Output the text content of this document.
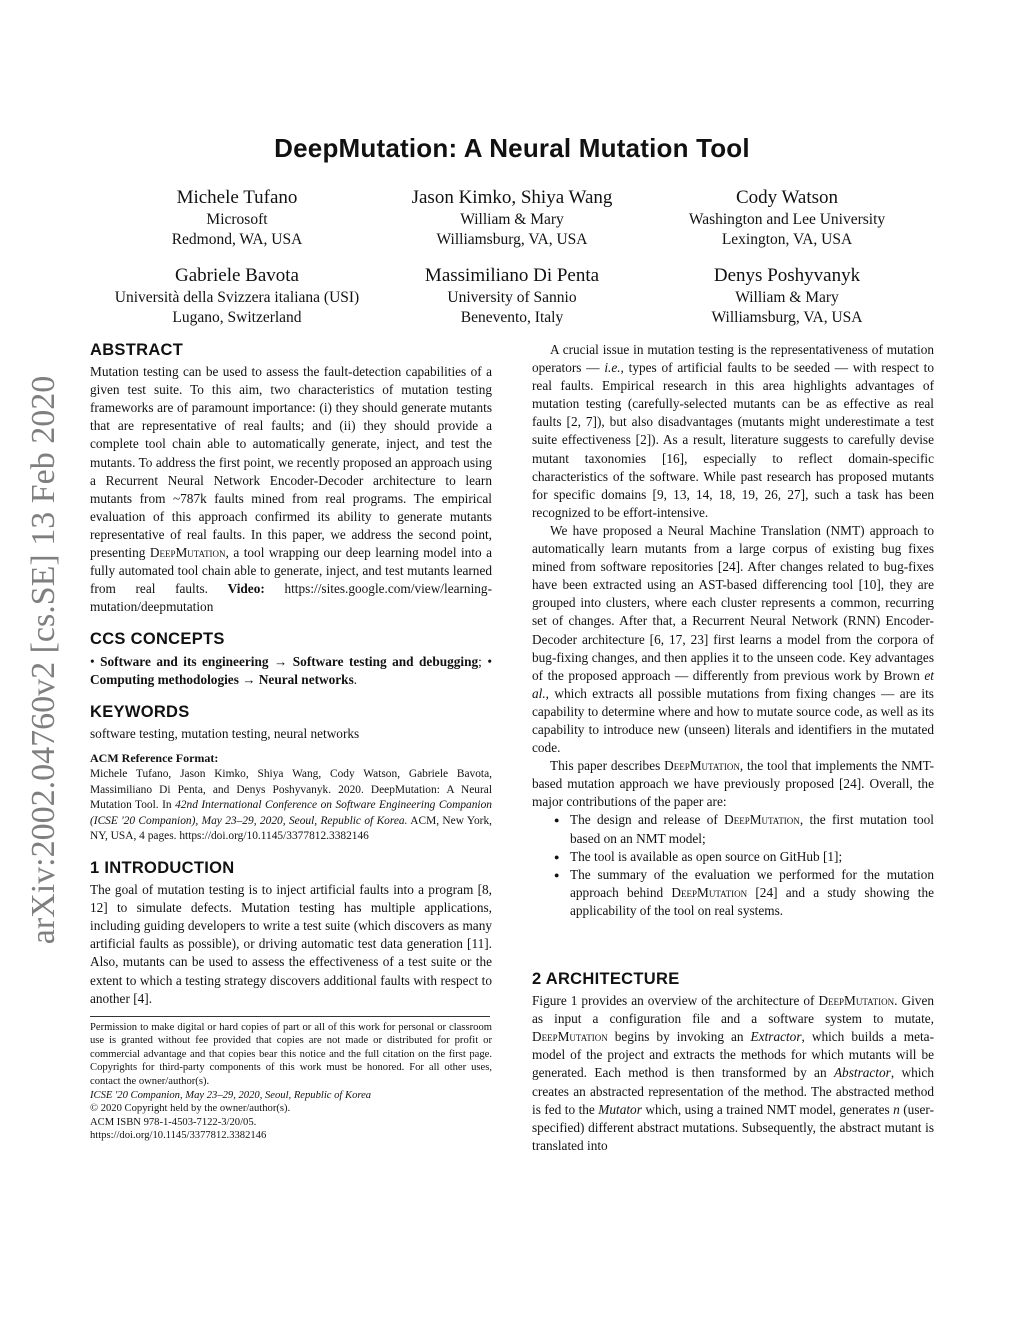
arXiv:2002.04760v2 [cs.SE] 13 Feb 2020
DeepMutation: A Neural Mutation Tool
Michele Tufano
Microsoft
Redmond, WA, USA
Jason Kimko, Shiya Wang
William & Mary
Williamsburg, VA, USA
Cody Watson
Washington and Lee University
Lexington, VA, USA
Gabriele Bavota
Università della Svizzera italiana (USI)
Lugano, Switzerland
Massimiliano Di Penta
University of Sannio
Benevento, Italy
Denys Poshyvanyk
William & Mary
Williamsburg, VA, USA
ABSTRACT

Mutation testing can be used to assess the fault-detection capabilities of a given test suite. To this aim, two characteristics of mutation testing frameworks are of paramount importance: (i) they should generate mutants that are representative of real faults; and (ii) they should provide a complete tool chain able to automatically generate, inject, and test the mutants. To address the first point, we recently proposed an approach using a Recurrent Neural Network Encoder-Decoder architecture to learn mutants from ~787k faults mined from real programs. The empirical evaluation of this approach confirmed its ability to generate mutants representative of real faults. In this paper, we address the second point, presenting DeepMutation, a tool wrapping our deep learning model into a fully automated tool chain able to generate, inject, and test mutants learned from real faults. Video: https://sites.google.com/view/learning-mutation/deepmutation

CCS CONCEPTS

• Software and its engineering → Software testing and debugging; • Computing methodologies → Neural networks.

KEYWORDS

software testing, mutation testing, neural networks

ACM Reference Format:

Michele Tufano, Jason Kimko, Shiya Wang, Cody Watson, Gabriele Bavota, Massimiliano Di Penta, and Denys Poshyvanyk. 2020. DeepMutation: A Neural Mutation Tool. In 42nd International Conference on Software Engineering Companion (ICSE '20 Companion), May 23–29, 2020, Seoul, Republic of Korea. ACM, New York, NY, USA, 4 pages. https://doi.org/10.1145/3377812.3382146

1 INTRODUCTION

The goal of mutation testing is to inject artificial faults into a program [8, 12] to simulate defects. Mutation testing has multiple applications, including guiding developers to write a test suite (which discovers as many artificial faults as possible), or driving automatic test data generation [11]. Also, mutants can be used to assess the effectiveness of a test suite or the extent to which a testing strategy discovers additional faults with respect to another [4].

Permission to make digital or hard copies of part or all of this work for personal or classroom use is granted without fee provided that copies are not made or distributed for profit or commercial advantage and that copies bear this notice and the full citation on the first page. Copyrights for third-party components of this work must be honored. For all other uses, contact the owner/author(s).
ICSE '20 Companion, May 23–29, 2020, Seoul, Republic of Korea
© 2020 Copyright held by the owner/author(s).
ACM ISBN 978-1-4503-7122-3/20/05.
https://doi.org/10.1145/3377812.3382146

A crucial issue in mutation testing is the representativeness of mutation operators — i.e., types of artificial faults to be seeded — with respect to real faults. Empirical research in this area highlights advantages of mutation testing (carefully-selected mutants can be as effective as real faults [2, 7]), but also disadvantages (mutants might underestimate a test suite effectiveness [2]). As a result, literature suggests to carefully devise mutant taxonomies [16], especially to reflect domain-specific characteristics of the software. While past research has proposed mutants for specific domains [9, 13, 14, 18, 19, 26, 27], such a task has been recognized to be effort-intensive.

We have proposed a Neural Machine Translation (NMT) approach to automatically learn mutants from a large corpus of existing bug fixes mined from software repositories [24]. After changes related to bug-fixes have been extracted using an AST-based differencing tool [10], they are grouped into clusters, where each cluster represents a common, recurring set of changes. After that, a Recurrent Neural Network (RNN) Encoder-Decoder architecture [6, 17, 23] first learns a model from the corpora of bug-fixing changes, and then applies it to the unseen code. Key advantages of the proposed approach — differently from previous work by Brown et al., which extracts all possible mutations from fixing changes — are its capability to determine where and how to mutate source code, as well as its capability to introduce new (unseen) literals and identifiers in the mutated code.

This paper describes DeepMutation, the tool that implements the NMT-based mutation approach we have previously proposed [24]. Overall, the major contributions of the paper are:

● The design and release of DeepMutation, the first mutation tool based on an NMT model;
● The tool is available as open source on GitHub [1];
● The summary of the evaluation we performed for the mutation approach behind DeepMutation [24] and a study showing the applicability of the tool on real systems.
2 ARCHITECTURE

Figure 1 provides an overview of the architecture of DeepMutation. Given as input a configuration file and a software system to mutate, DeepMutation begins by invoking an Extractor, which builds a meta-model of the project and extracts the methods for which mutants will be generated. Each method is then transformed by an Abstractor, which creates an abstracted representation of the method. The abstracted method is fed to the Mutator which, using a trained NMT model, generates n (user-specified) different abstract mutations. Subsequently, the abstract mutant is translated into
